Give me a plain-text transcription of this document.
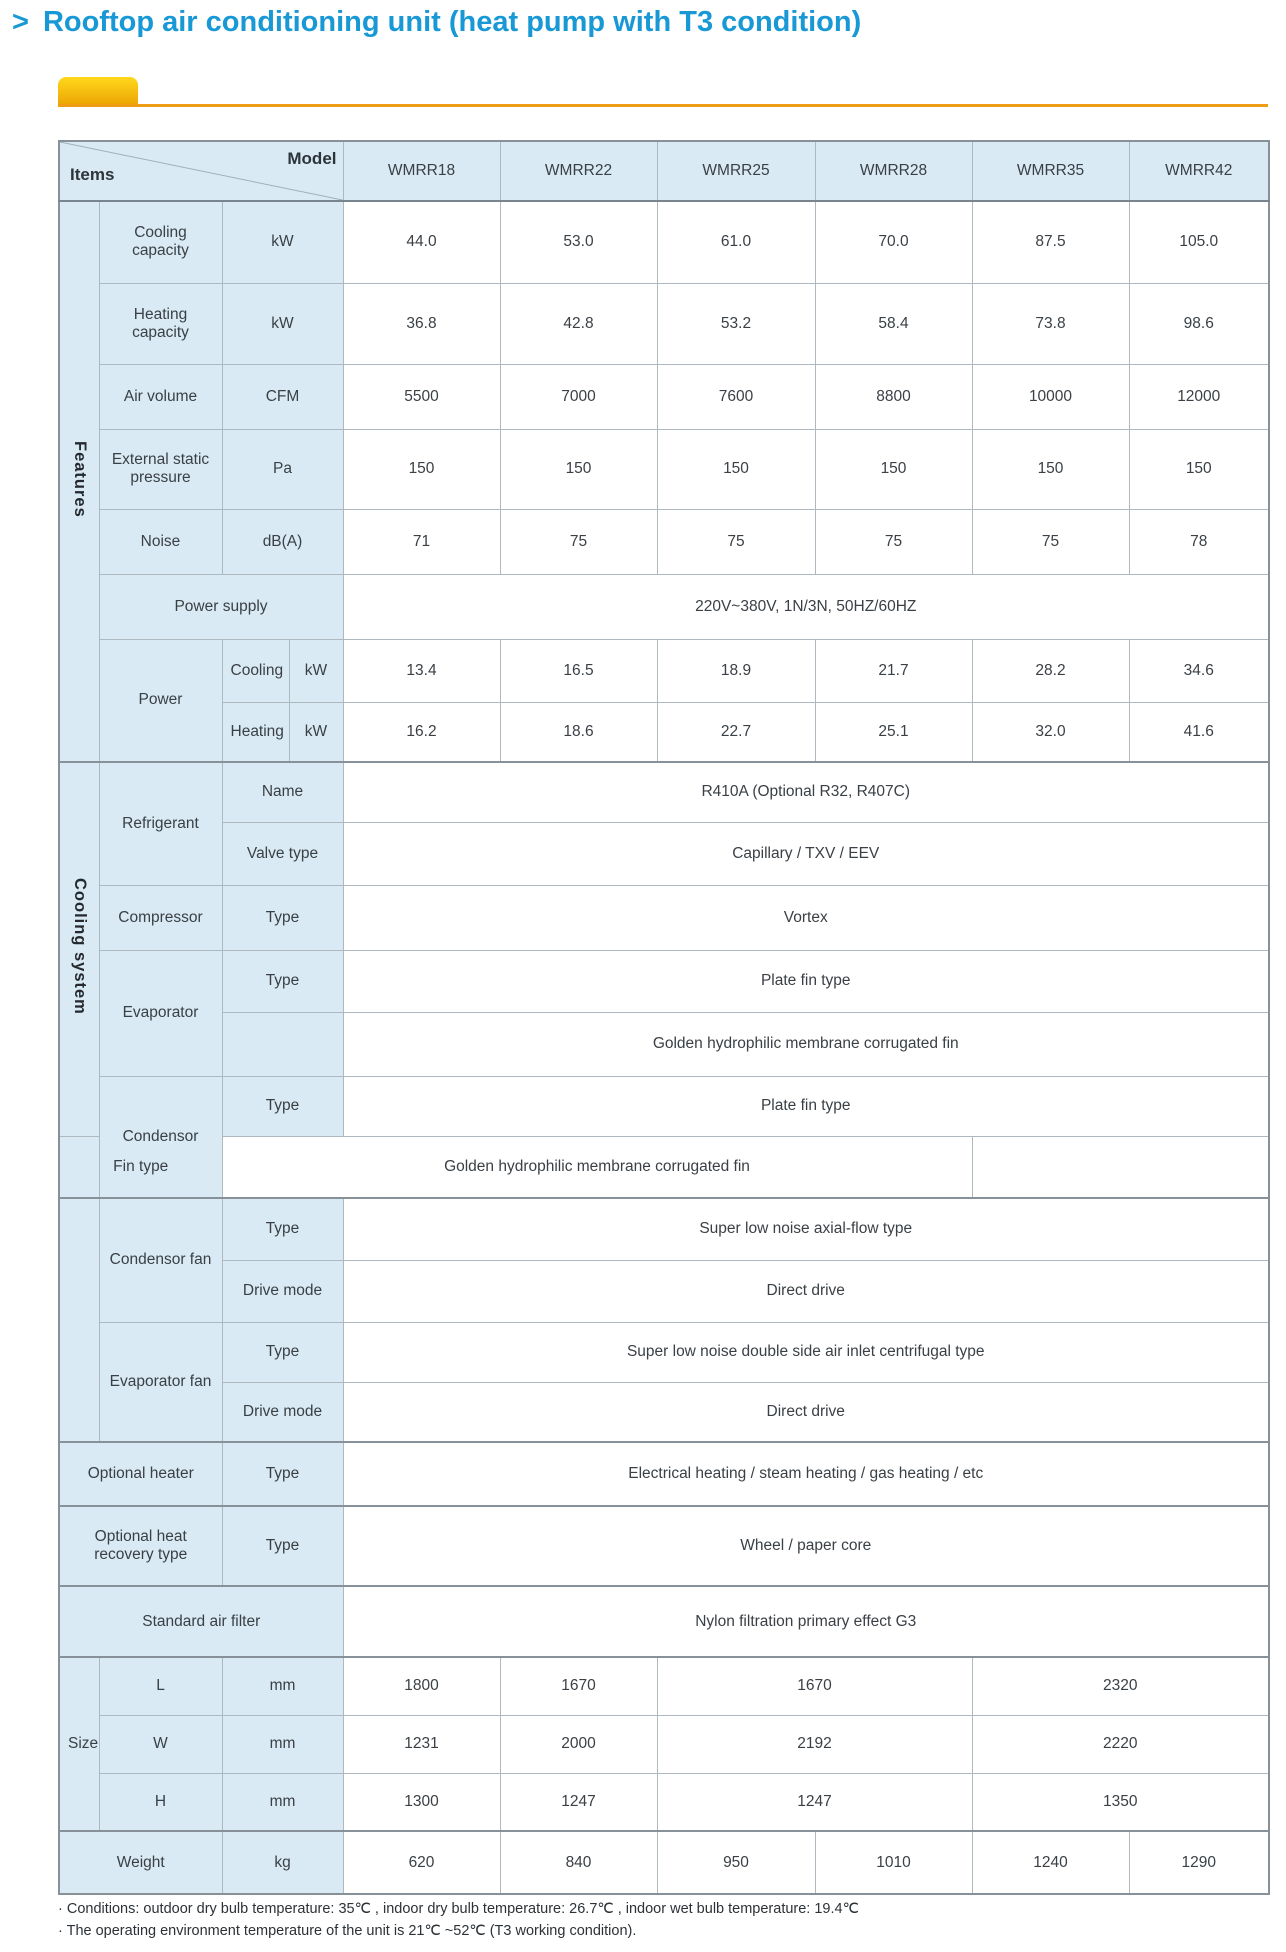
> Rooftop air conditioning unit (heat pump with T3 condition)
Items
Model				WMRR18	WMRR22	WMRR25	WMRR28	WMRR35	WMRR42
Features	Cooling capacity	kW		44.0	53.0	61.0	70.0	87.5	105.0
	Heating capacity	kW		36.8	42.8	53.2	58.4	73.8	98.6
	Air volume	CFM		5500	7000	7600	8800	10000	12000
	External static pressure	Pa		150	150	150	150	150	150
	Noise	dB(A)		71	75	75	75	75	78
	Power supply			220V~380V, 1N/3N, 50HZ/60HZ					
	Power	Cooling	kW	13.4	16.5	18.9	21.7	28.2	34.6
		Heating	kW	16.2	18.6	22.7	25.1	32.0	41.6
Cooling system	Refrigerant	Name		R410A (Optional R32, R407C)					
		Valve type		Capillary / TXV / EEV					
	Compressor	Type		Vortex					
	Evaporator	Type		Plate fin type					
				Golden hydrophilic membrane corrugated fin					
	Condensor	Type		Plate fin type					
Fin type		Golden hydrophilic membrane corrugated fin							
	Condensor fan	Type		Super low noise axial-flow type					
		Drive mode		Direct drive					
	Evaporator fan	Type		Super low noise double side air inlet centrifugal type					
		Drive mode		Direct drive					
Optional heater		Type		Electrical heating / steam heating / gas heating / etc					
Optional heat recovery type		Type		Wheel / paper core					
Standard air filter				Nylon filtration primary effect G3					
Size	L	mm		1800	1670	1670		2320	
	W	mm		1231	2000	2192		2220	
	H	mm		1300	1247	1247		1350	
Weight		kg		620	840	950	1010	1240	1290
· Conditions: outdoor dry bulb temperature: 35℃ , indoor dry bulb temperature: 26.7℃ , indoor wet bulb temperature: 19.4℃
· The operating environment temperature of the unit is 21℃ ~52℃ (T3 working condition).
